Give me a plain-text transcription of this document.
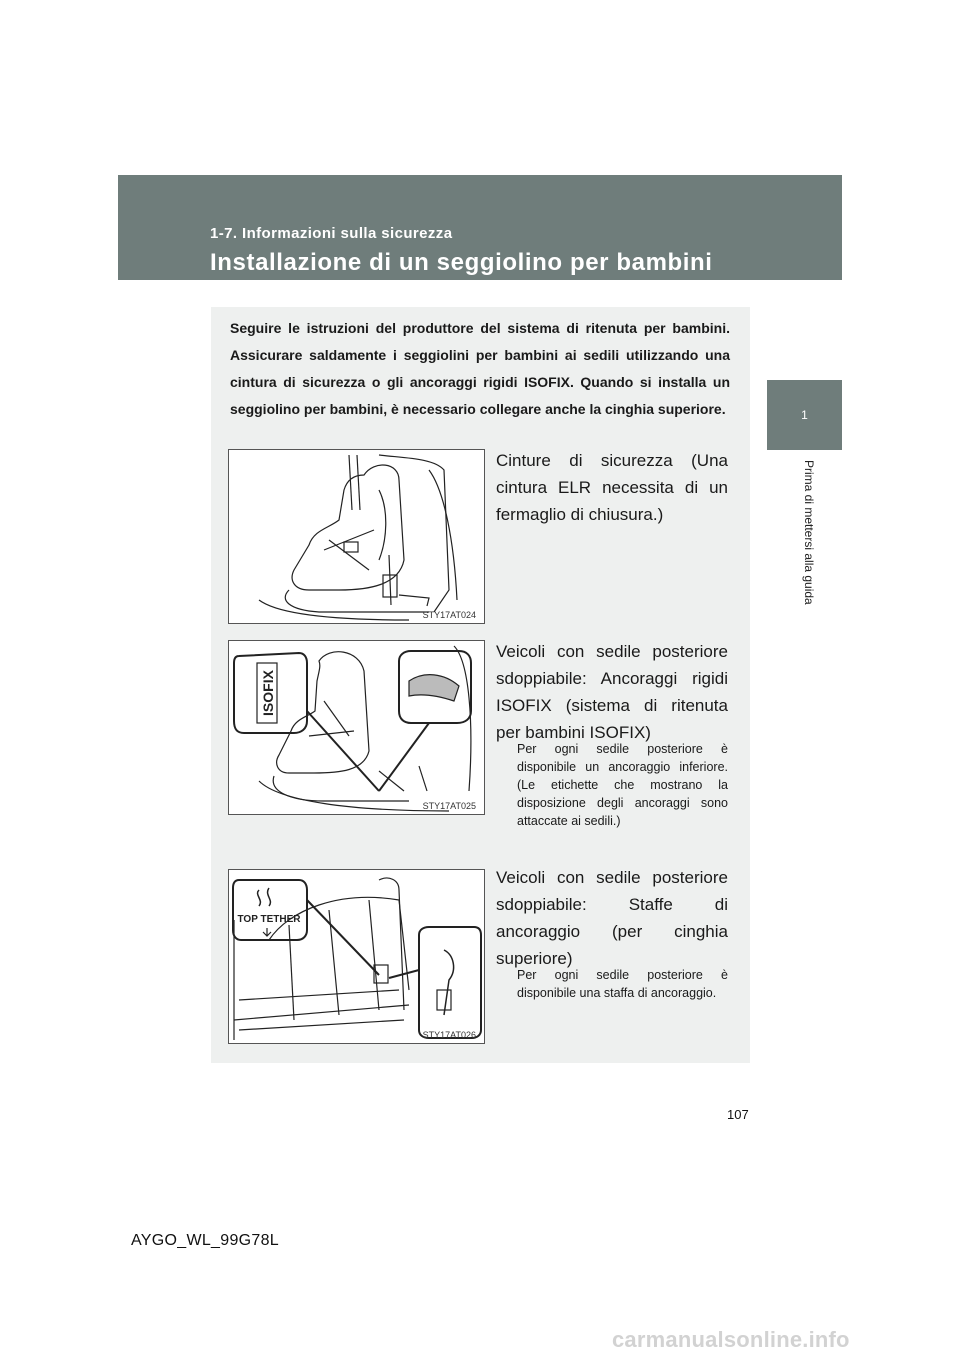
1-7. Informazioni sulla sicurezza
Installazione di un seggiolino per bambini
1
Prima di mettersi alla guida
Seguire le istruzioni del produttore del sistema di ritenuta per bambini. Assicurare saldamente i seggiolini per bambini ai sedili utilizzando una cintura di sicurezza o gli ancoraggi rigidi ISOFIX. Quando si installa un seggiolino per bambini, è necessario collegare anche la cinghia superiore.
STY17AT024
Cinture di sicurezza (Una cintura ELR necessita di un fermaglio di chiusura.)
ISOFIX
STY17AT025
Veicoli con sedile posteriore sdoppiabile: Ancoraggi rigidi ISOFIX (sistema di ritenuta per bambini ISOFIX)
Per ogni sedile posteriore è disponibile un ancoraggio inferiore. (Le etichette che mostrano la disposizione degli ancoraggi sono attaccate ai sedili.)
TOP TETHER
STY17AT026
Veicoli con sedile posteriore sdoppiabile: Staffe di ancoraggio (per cinghia superiore)
Per ogni sedile posteriore è disponibile una staffa di ancoraggio.
107
AYGO_WL_99G78L
carmanualsonline.info
